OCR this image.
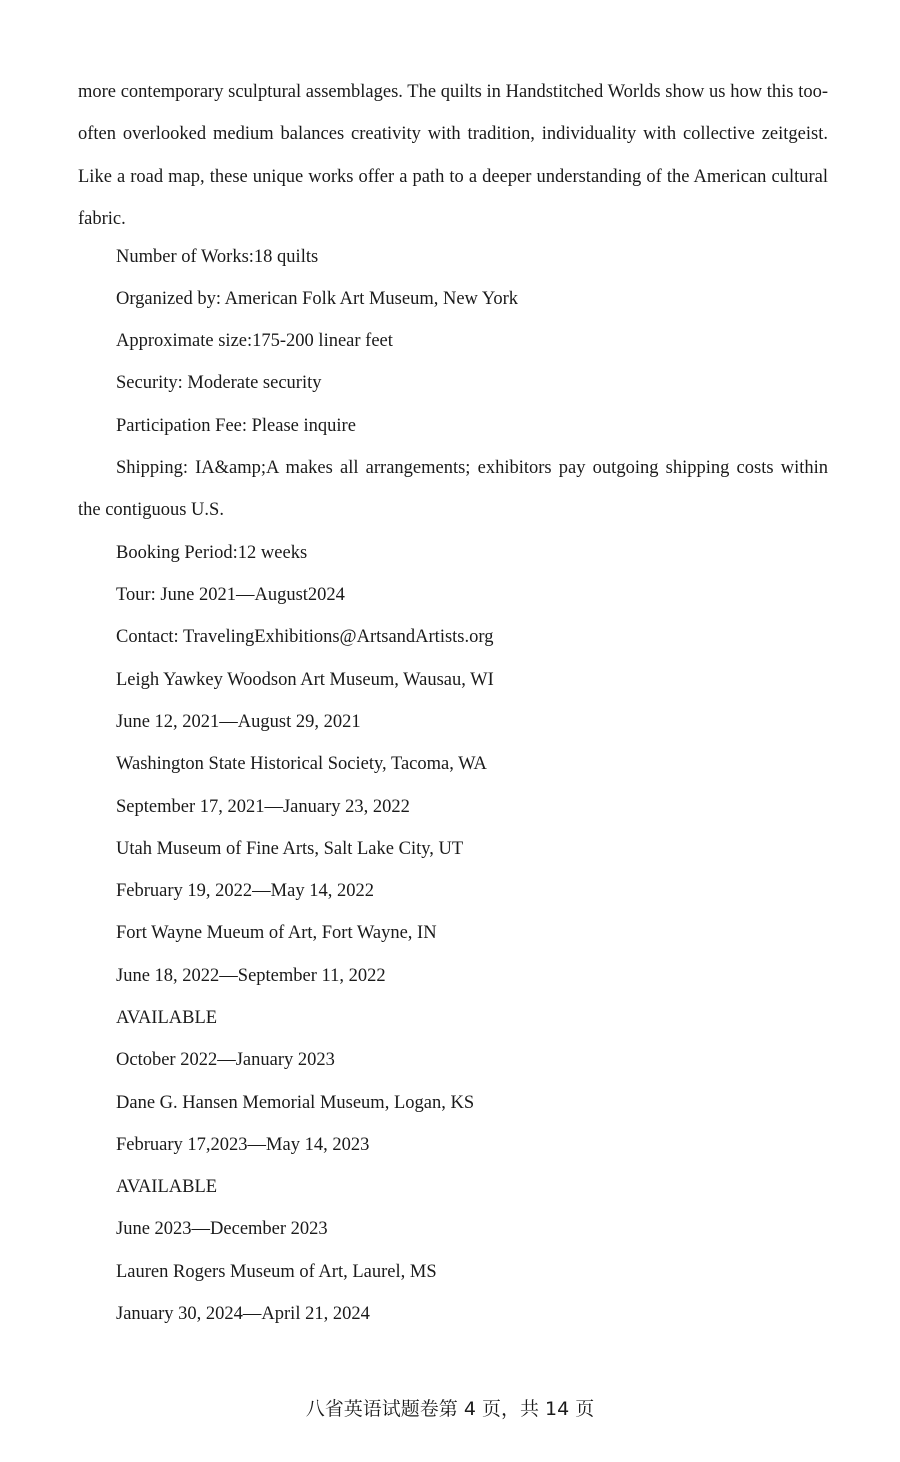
more contemporary sculptural assemblages. The quilts in Handstitched Worlds show us how this too-often overlooked medium balances creativity with tradition, individuality with collective zeitgeist. Like a road map, these unique works offer a path to a deeper understanding of the American cultural fabric.

Number of Works:18 quilts

Organized by: American Folk Art Museum, New York

Approximate size:175-200 linear feet

Security: Moderate security

Participation Fee: Please inquire

Shipping: IA&amp;A makes all arrangements; exhibitors pay outgoing shipping costs within the contiguous U.S.

Booking Period:12 weeks

Tour: June 2021—August2024

Contact: TravelingExhibitions@ArtsandArtists.org

Leigh Yawkey Woodson Art Museum, Wausau, WI

June 12, 2021—August 29, 2021

Washington State Historical Society, Tacoma, WA

September 17, 2021—January 23, 2022

Utah Museum of Fine Arts, Salt Lake City, UT

February 19, 2022—May 14, 2022

Fort Wayne Mueum of Art, Fort Wayne, IN

June 18, 2022—September 11, 2022

AVAILABLE

October 2022—January 2023

Dane G. Hansen Memorial Museum, Logan, KS

February 17,2023—May 14, 2023

AVAILABLE

June 2023—December 2023

Lauren Rogers Museum of Art, Laurel, MS

January 30, 2024—April 21, 2024

八省英语试题卷第 4 页，共 14 页
